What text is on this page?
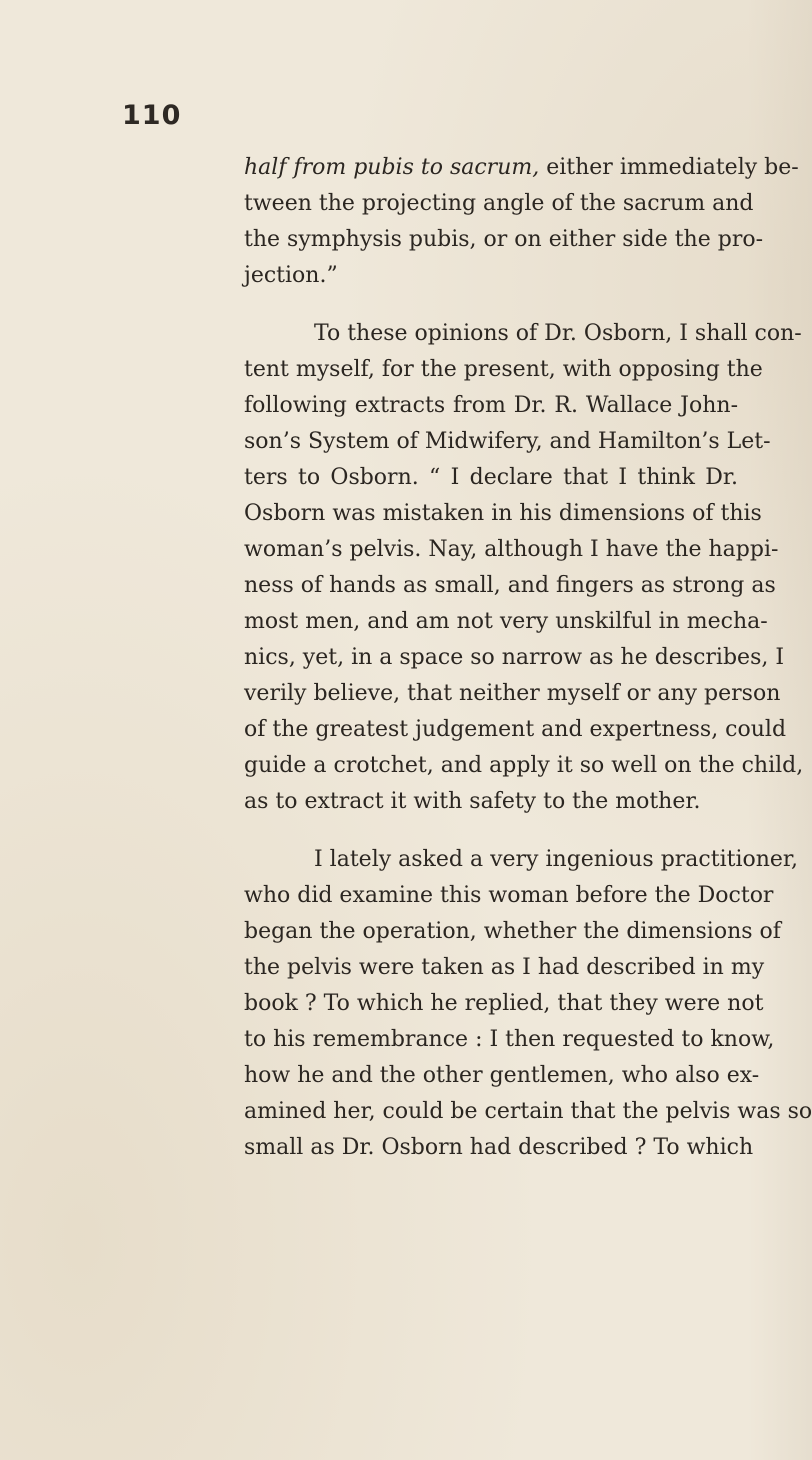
110
half from pubis to sacrum, either immediately be-
tween the projecting angle of the sacrum and
the symphysis pubis, or on either side the pro-
jection.”
To these opinions of Dr. Osborn, I shall con-
tent myself, for the present, with opposing the
following extracts from Dr. R. Wallace John-
son’s System of Midwifery, and Hamilton’s Let-
ters to Osborn. “ I declare that I think Dr.
Osborn was mistaken in his dimensions of this
woman’s pelvis. Nay, although I have the happi-
ness of hands as small, and fingers as strong as
most men, and am not very unskilful in mecha-
nics, yet, in a space so narrow as he describes, I
verily believe, that neither myself or any person
of the greatest judgement and expertness, could
guide a crotchet, and apply it so well on the child,
as to extract it with safety to the mother.
I lately asked a very ingenious practitioner,
who did examine this woman before the Doctor
began the operation, whether the dimensions of
the pelvis were taken as I had described in my
book ? To which he replied, that they were not
to his remembrance : I then requested to know,
how he and the other gentlemen, who also ex-
amined her, could be certain that the pelvis was so
small as Dr. Osborn had described ? To which
